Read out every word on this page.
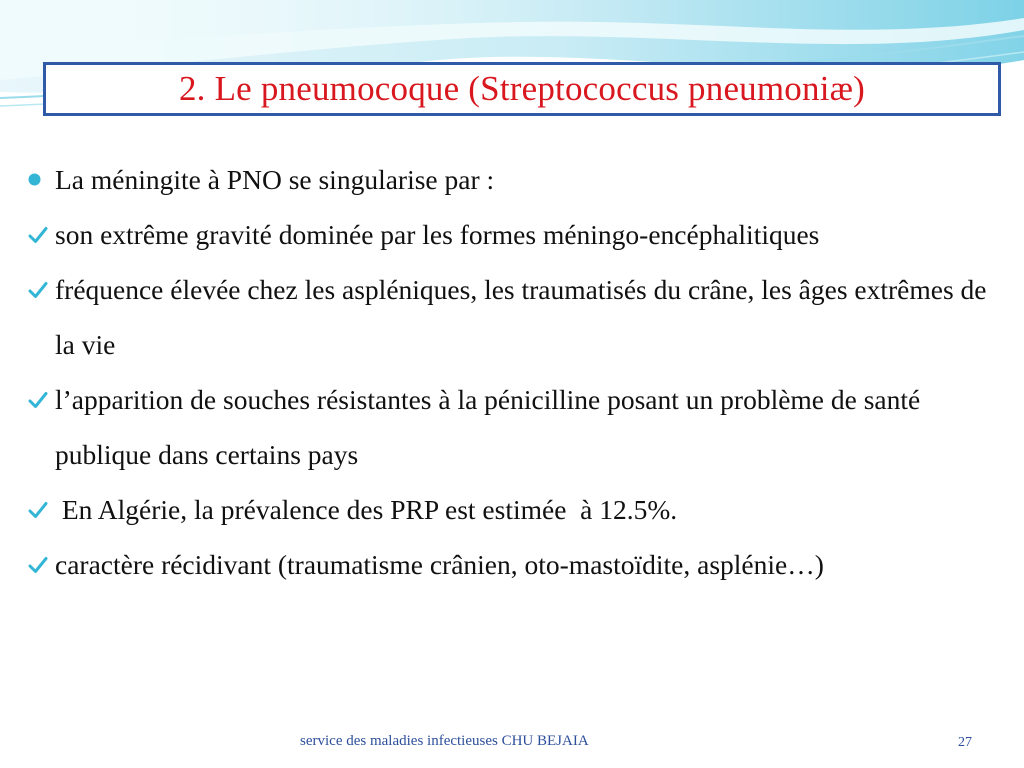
2. Le pneumocoque (Streptococcus pneumoniæ)
La méningite à PNO se singularise par :
son extrême gravité dominée par les formes méningo-encéphalitiques
fréquence élevée chez les aspléniques, les traumatisés du crâne, les âges extrêmes de la vie
l’apparition de souches résistantes à la pénicilline posant un problème de santé publique dans certains pays
En Algérie, la prévalence des PRP est estimée  à 12.5%.
caractère récidivant (traumatisme crânien, oto-mastoïdite, asplénie…)
service des maladies infectieuses CHU BEJAIA	27
